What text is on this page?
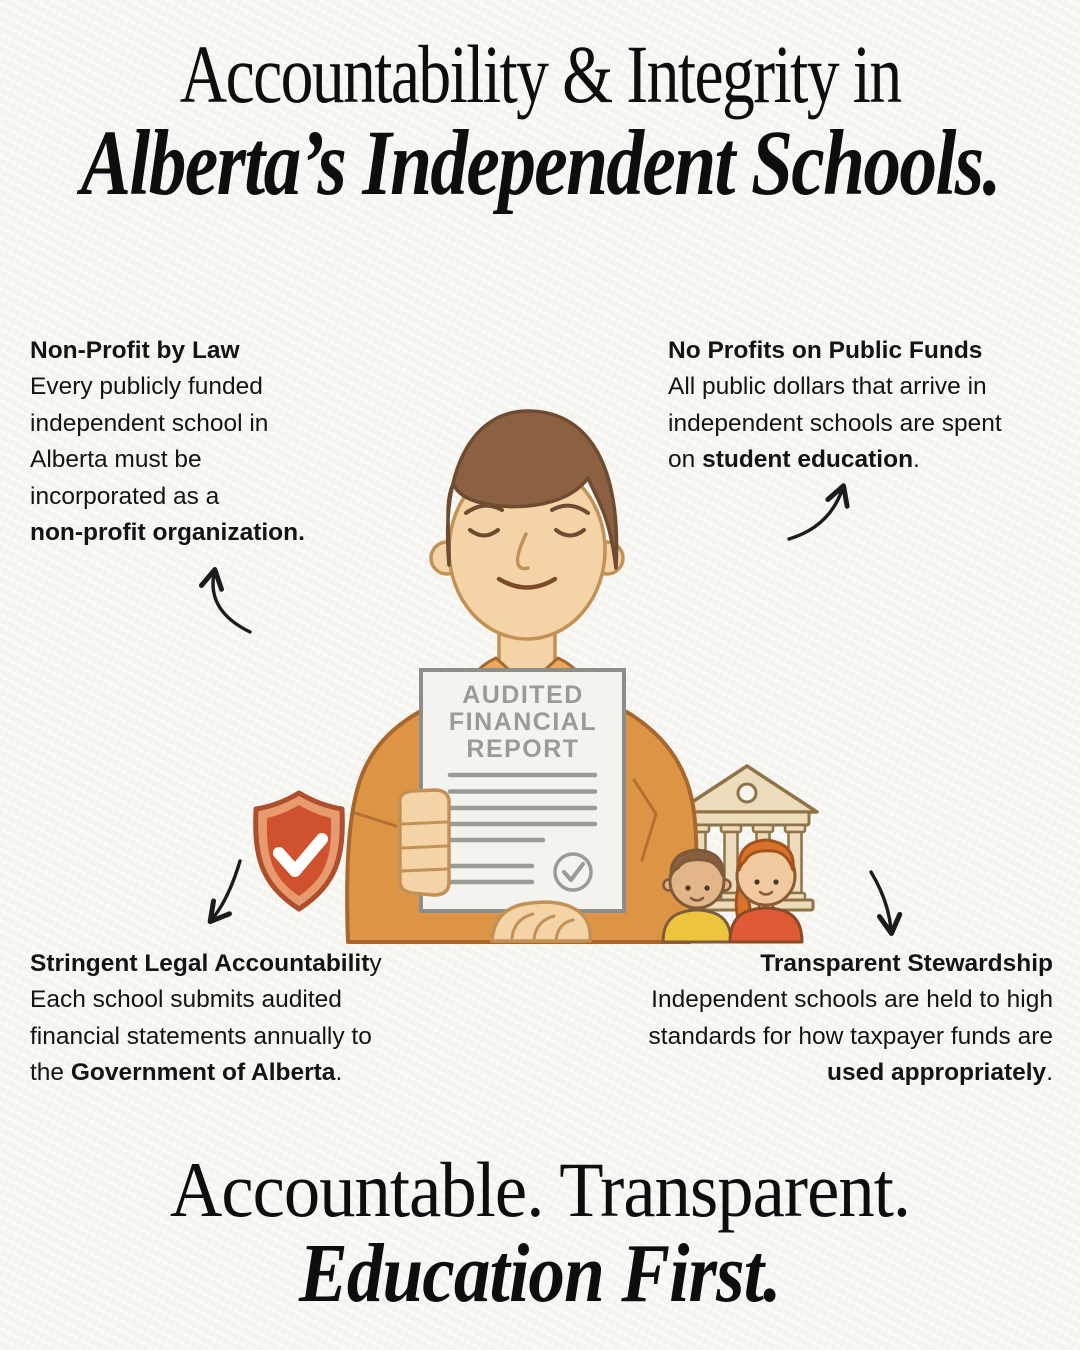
Accountability & Integrity in
Alberta’s Independent Schools.
AUDITED
FINANCIAL
REPORT
Non-Profit by Law
Every publicly funded
independent school in
Alberta must be
incorporated as a
non-profit organization.
No Profits on Public Funds
All public dollars that arrive in
independent schools are spent
on student education.
Stringent Legal Accountability
Each school submits audited
financial statements annually to
the Government of Alberta.
Transparent Stewardship
Independent schools are held to high
standards for how taxpayer funds are
used appropriately.
Accountable. Transparent.
Education First.
